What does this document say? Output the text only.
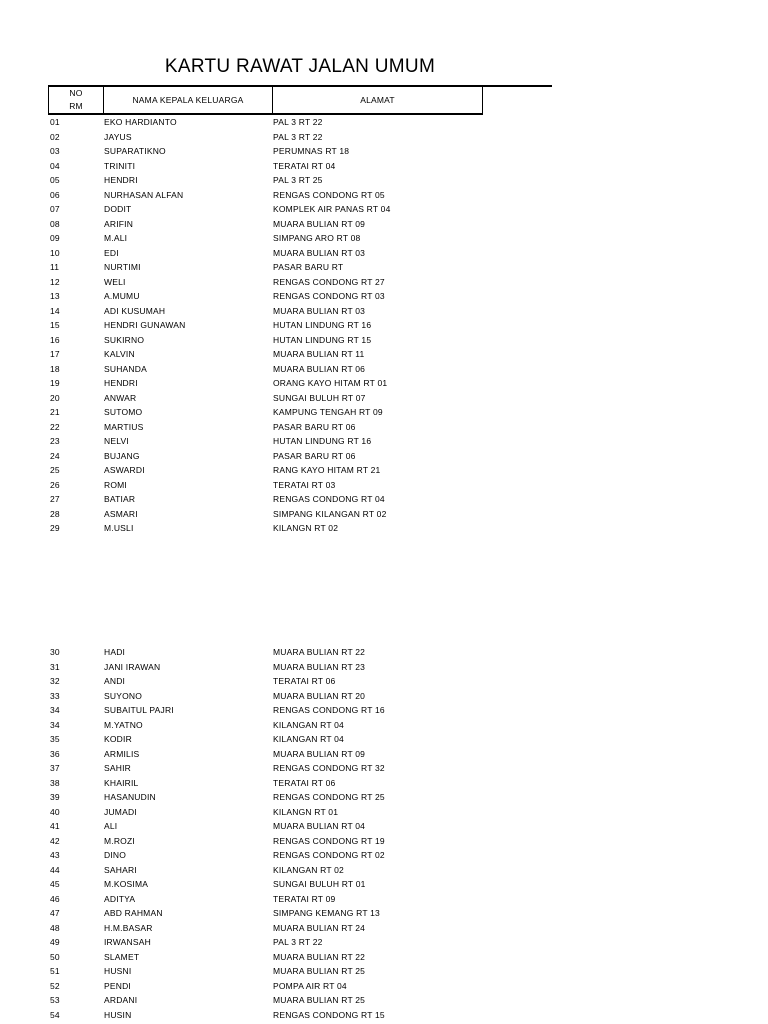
KARTU RAWAT JALAN UMUM
NO
RM
NAMA KEPALA KELUARGA	ALAMAT
01	EKO HARDIANTO	PAL 3 RT 22
02	JAYUS	PAL 3 RT 22
03	SUPARATIKNO	PERUMNAS RT 18
04	TRINITI	TERATAI RT 04
05	HENDRI	PAL 3 RT 25
06	NURHASAN ALFAN	RENGAS CONDONG RT 05
07	DODIT	KOMPLEK AIR PANAS RT 04
08	ARIFIN	MUARA BULIAN RT 09
09	M.ALI	SIMPANG ARO RT 08
10	EDI	MUARA BULIAN RT 03
11	NURTIMI	PASAR BARU RT
12	WELI	RENGAS CONDONG RT 27
13	A.MUMU	RENGAS CONDONG RT 03
14	ADI KUSUMAH	MUARA BULIAN RT 03
15	HENDRI GUNAWAN	HUTAN LINDUNG RT 16
16	SUKIRNO	HUTAN LINDUNG RT 15
17	KALVIN	MUARA BULIAN RT 11
18	SUHANDA	MUARA BULIAN RT 06
19	HENDRI	ORANG KAYO HITAM RT 01
20	ANWAR	SUNGAI BULUH RT 07
21	SUTOMO	KAMPUNG TENGAH RT 09
22	MARTIUS	PASAR BARU RT 06
23	NELVI	HUTAN LINDUNG RT 16
24	BUJANG	PASAR BARU RT 06
25	ASWARDI	RANG KAYO HITAM RT 21
26	ROMI	TERATAI RT 03
27	BATIAR	RENGAS CONDONG RT 04
28	ASMARI	SIMPANG KILANGAN RT 02
29	M.USLI	KILANGN RT 02
30	HADI	MUARA BULIAN RT 22
31	JANI IRAWAN	MUARA BULIAN RT 23
32	ANDI	TERATAI RT 06
33	SUYONO	MUARA BULIAN RT 20
34	SUBAITUL PAJRI	RENGAS CONDONG RT 16
34	M.YATNO	KILANGAN RT 04
35	KODIR	KILANGAN RT 04
36	ARMILIS	MUARA BULIAN RT 09
37	SAHIR	RENGAS CONDONG RT 32
38	KHAIRIL	TERATAI RT 06
39	HASANUDIN	RENGAS CONDONG RT 25
40	JUMADI	KILANGN RT 01
41	ALI	MUARA BULIAN RT 04
42	M.ROZI	RENGAS CONDONG RT 19
43	DINO	RENGAS CONDONG RT 02
44	SAHARI	KILANGAN RT 02
45	M.KOSIMA	SUNGAI BULUH RT 01
46	ADITYA	TERATAI RT 09
47	ABD RAHMAN	SIMPANG KEMANG RT 13
48	H.M.BASAR	MUARA BULIAN RT 24
49	IRWANSAH	PAL 3 RT 22
50	SLAMET	MUARA BULIAN RT 22
51	HUSNI	MUARA BULIAN RT 25
52	PENDI	POMPA AIR RT 04
53	ARDANI	MUARA BULIAN RT 25
54	HUSIN	RENGAS CONDONG RT 15
